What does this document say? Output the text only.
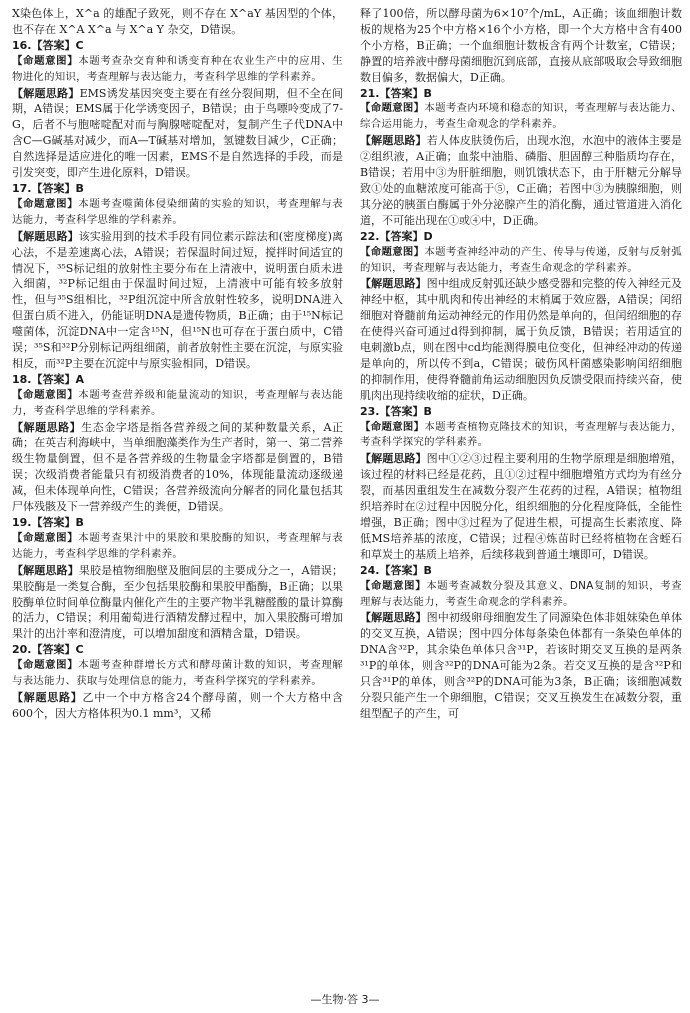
X染色体上，X^a 的雄配子致死，则不存在 X^aY 基因型的个体，也不存在 X^A X^a 与 X^a Y 杂交，D错误。

16.【答案】C

【命题意图】本题考查杂交育种和诱变育种在农业生产中的应用、生物进化的知识，考查理解与表达能力，考查科学思维的学科素养。

【解题思路】EMS诱发基因突变主要在有丝分裂间期，但不全在间期，A错误；EMS属于化学诱变因子，B错误；由于鸟嘌呤变成了7-G，后者不与胞嘧啶配对而与胸腺嘧啶配对，复制产生子代DNA中含C—G碱基对减少，而A—T碱基对增加，氢键数目减少，C正确；自然选择是适应进化的唯一因素，EMS不是自然选择的手段，而是引发突变，即产生进化原料，D错误。

17.【答案】B

【命题意图】本题考查噬菌体侵染细菌的实验的知识，考查理解与表达能力，考查科学思维的学科素养。

【解题思路】该实验用到的技术手段有同位素示踪法和(密度梯度)离心法，不是差速离心法，A错误；若保温时间过短，搅拌时间适宜的情况下，³⁵S标记组的放射性主要分布在上清液中，说明蛋白质未进入细菌，³²P标记组由于保温时间过短，上清液中可能有较多放射性，但与³⁵S组相比，³²P组沉淀中所含放射性较多，说明DNA进入但蛋白质不进入，仍能证明DNA是遗传物质，B正确；由于¹⁵N标记噬菌体，沉淀DNA中一定含¹⁵N，但¹⁵N也可存在于蛋白质中，C错误；³⁵S和³²P分别标记两组细菌，前者放射性主要在沉淀，与原实验相反，而³²P主要在沉淀中与原实验相同，D错误。

18.【答案】A

【命题意图】本题考查营养级和能量流动的知识，考查理解与表达能力，考查科学思维的学科素养。

【解题思路】生态金字塔是指各营养级之间的某种数量关系，A正确；在英吉利海峡中，当单细胞藻类作为生产者时，第一、第二营养级生物量倒置，但不是各营养级的生物量金字塔都是倒置的，B错误；次级消费者能量只有初级消费者的10%，体现能量流动逐级递减，但未体现单向性，C错误；各营养级流向分解者的同化量包括其尸体残骸及下一营养级产生的粪便，D错误。

19.【答案】B

【命题意图】本题考查果汁中的果胶和果胶酶的知识，考查理解与表达能力，考查科学思维的学科素养。

【解题思路】果胶是植物细胞壁及胞间层的主要成分之一，A错误；果胶酶是一类复合酶，至少包括果胶酶和果胶甲酯酶，B正确；以果胶酶单位时间单位酶量内催化产生的主要产物半乳糖醛酸的量计算酶的活力，C错误；利用葡萄进行酒精发酵过程中，加入果胶酶可增加果汁的出汁率和澄清度，可以增加甜度和酒精含量，D错误。

20.【答案】C

【命题意图】本题考查种群增长方式和酵母菌计数的知识，考查理解与表达能力、获取与处理信息的能力，考查科学探究的学科素养。

【解题思路】乙中一个中方格含24个酵母菌，则一个大方格中含600个，因大方格体积为0.1 mm³，又稀

释了100倍，所以酵母菌为6×10⁷个/mL，A正确；该血细胞计数板的规格为25个中方格×16个小方格，即一个大方格中含有400个小方格，B正确；一个血细胞计数板含有两个计数室，C错误；静置的培养液中酵母菌细胞沉到底部，直接从底部吸取会导致细胞数目偏多，数据偏大，D正确。

21.【答案】B

【命题意图】本题考查内环境和稳态的知识，考查理解与表达能力、综合运用能力，考查生命观念的学科素养。

【解题思路】若人体皮肤烫伤后，出现水泡，水泡中的液体主要是②组织液，A正确；血浆中油脂、磷脂、胆固醇三种脂质均存在，B错误；若用中③为肝脏细胞，则饥饿状态下，由于肝糖元分解导致①处的血糖浓度可能高于⑤，C正确；若图中③为胰腺细胞，则其分泌的胰蛋白酶属于外分泌腺产生的消化酶，通过管道进入消化道，不可能出现在①或④中，D正确。

22.【答案】D

【命题意图】本题考查神经冲动的产生、传导与传递，反射与反射弧的知识，考查理解与表达能力，考查生命观念的学科素养。

【解题思路】图中组成反射弧还缺少感受器和完整的传入神经元及神经中枢，其中肌肉和传出神经的末梢属于效应器，A错误；闰绍细胞对脊髓前角运动神经元的作用仍然是单向的，但闰绍细胞的存在使得兴奋可通过d得到抑制，属于负反馈，B错误；若用适宜的电刺激b点，则在图中cd均能测得膜电位变化，但神经冲动的传递是单向的，所以传不到a，C错误；破伤风杆菌感染影响闰绍细胞的抑制作用，使得脊髓前角运动细胞因负反馈受限而持续兴奋，使肌肉出现持续收缩的症状，D正确。

23.【答案】B

【命题意图】本题考查植物克隆技术的知识，考查理解与表达能力，考查科学探究的学科素养。

【解题思路】图中①②③过程主要利用的生物学原理是细胞增殖，该过程的材料已经是花药，且①②过程中细胞增殖方式均为有丝分裂，而基因重组发生在减数分裂产生花药的过程，A错误；植物组织培养时在②过程中因脱分化，组织细胞的分化程度降低，全能性增强，B正确；图中③过程为了促进生根，可提高生长素浓度、降低MS培养基的浓度，C错误；过程④炼苗时已经将植物在含蛭石和草炭土的基质上培养，后续移栽到普通土壤即可，D错误。

24.【答案】B

【命题意图】本题考查减数分裂及其意义、DNA复制的知识，考查理解与表达能力，考查生命观念的学科素养。

【解题思路】图中初级卵母细胞发生了同源染色体非姐妹染色单体的交叉互换，A错误；图中四分体每条染色体都有一条染色单体的DNA含³²P，其余染色单体只含³¹P，若该时期交叉互换的是两条³¹P的单体，则含³²P的DNA可能为2条。若交叉互换的是含³²P和只含³¹P的单体，则含³²P的DNA可能为3条，B正确；该细胞减数分裂只能产生一个卵细胞，C错误；交叉互换发生在减数分裂，重组型配子的产生，可

—生物·答 3—
